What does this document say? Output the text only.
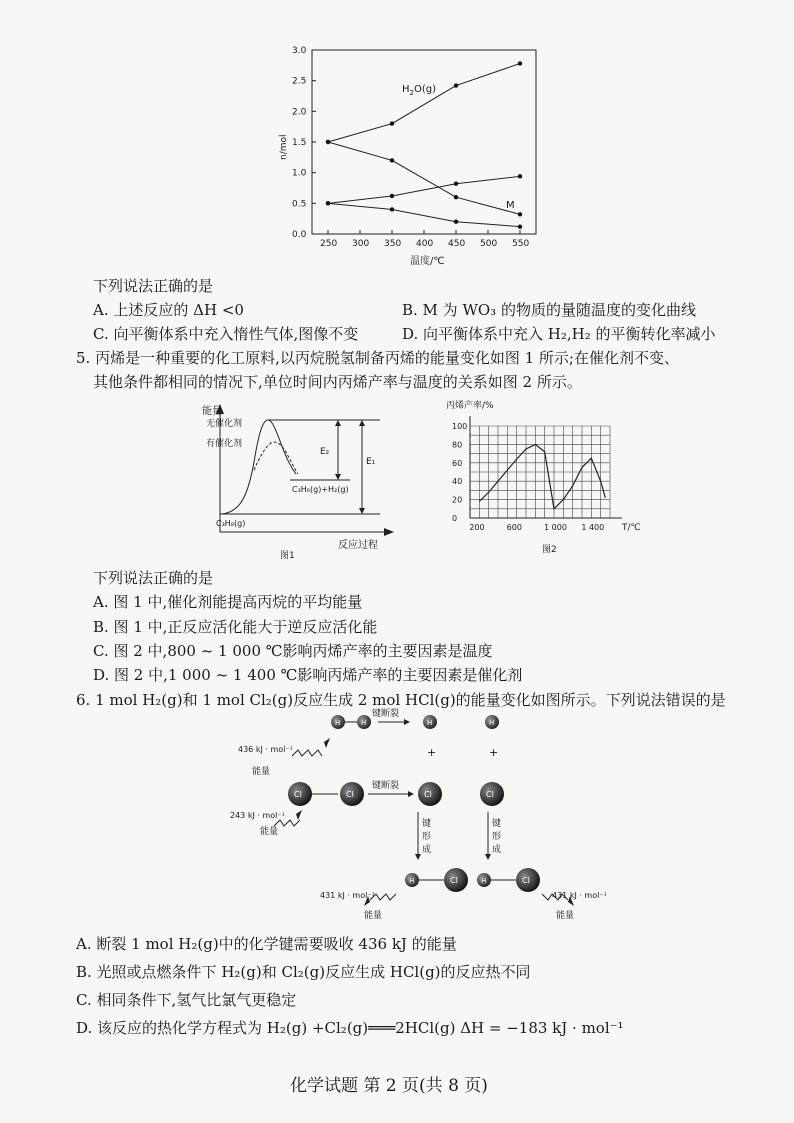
0.0
0.5
1.0
1.5
2.0
2.5
3.0
250 300 350 400 450 500 550
n/mol
温度/℃
$H_2O(g)$
M
下列说法正确的是
A. 上述反应的 ΔH <0	B. M 为 WO₃ 的物质的量随温度的变化曲线
C. 向平衡体系中充入惰性气体,图像不变	D. 向平衡体系中充入 H₂,H₂ 的平衡转化率减小
5. 丙烯是一种重要的化工原料,以丙烷脱氢制备丙烯的能量变化如图 1 所示;在催化剂不变、
其他条件都相同的情况下,单位时间内丙烯产率与温度的关系如图 2 所示。
能量
反应过程
无催化剂
有催化剂
E₂
E₁
C₃H₆(g)+H₂(g)
C₃H₈(g)
图1
丙烯产率/%
0
20
40
60
80
100
200	600	1 000 1 400 T/℃
图2
下列说法正确的是
A. 图 1 中,催化剂能提高丙烷的平均能量
B. 图 1 中,正反应活化能大于逆反应活化能
C. 图 2 中,800 ~ 1 000 ℃影响丙烯产率的主要因素是温度
D. 图 2 中,1 000 ~ 1 400 ℃影响丙烯产率的主要因素是催化剂
6. 1 mol H₂(g)和 1 mol Cl₂(g)反应生成 2 mol HCl(g)的能量变化如图所示。下列说法错误的是
H	H
键断裂
H	H
+	+
436 kJ · mol⁻¹
能量
Cl	Cl
键断裂
Cl	Cl
243 kJ · mol⁻¹
能量
键形成
键形成
H	Cl	H	Cl
431 kJ · mol⁻¹
能量
431 kJ · mol⁻¹
能量
A. 断裂 1 mol H₂(g)中的化学键需要吸收 436 kJ 的能量
B. 光照或点燃条件下 H₂(g)和 Cl₂(g)反应生成 HCl(g)的反应热不同
C. 相同条件下,氢气比氯气更稳定
D. 该反应的热化学方程式为 H₂(g) +Cl₂(g)═══2HCl(g) ΔH = −183 kJ · mol⁻¹
化学试题 第 2 页(共 8 页)
